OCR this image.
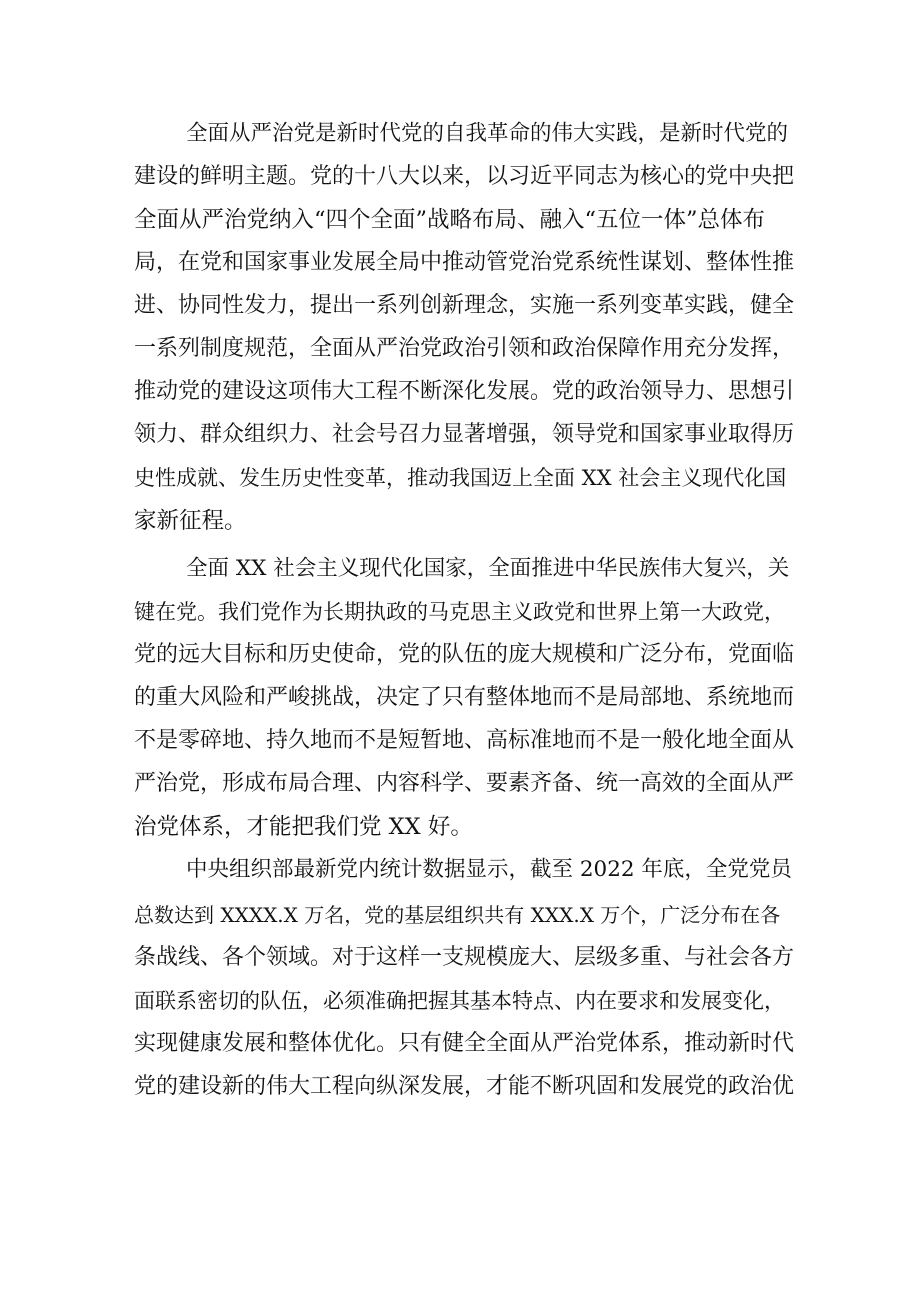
全面从严治党是新时代党的自我革命的伟大实践，是新时代党的
建设的鲜明主题。党的十八大以来，以习近平同志为核心的党中央把
全面从严治党纳入“四个全面”战略布局、融入“五位一体”总体布
局，在党和国家事业发展全局中推动管党治党系统性谋划、整体性推
进、协同性发力，提出一系列创新理念，实施一系列变革实践，健全
一系列制度规范，全面从严治党政治引领和政治保障作用充分发挥，
推动党的建设这项伟大工程不断深化发展。党的政治领导力、思想引
领力、群众组织力、社会号召力显著增强，领导党和国家事业取得历
史性成就、发生历史性变革，推动我国迈上全面 XX 社会主义现代化国
家新征程。
全面 XX 社会主义现代化国家，全面推进中华民族伟大复兴，关
键在党。我们党作为长期执政的马克思主义政党和世界上第一大政党，
党的远大目标和历史使命，党的队伍的庞大规模和广泛分布，党面临
的重大风险和严峻挑战，决定了只有整体地而不是局部地、系统地而
不是零碎地、持久地而不是短暂地、高标准地而不是一般化地全面从
严治党，形成布局合理、内容科学、要素齐备、统一高效的全面从严
治党体系，才能把我们党 XX 好。
中央组织部最新党内统计数据显示，截至 2022 年底，全党党员
总数达到 XXXX.X 万名，党的基层组织共有 XXX.X 万个，广泛分布在各
条战线、各个领域。对于这样一支规模庞大、层级多重、与社会各方
面联系密切的队伍，必须准确把握其基本特点、内在要求和发展变化，
实现健康发展和整体优化。只有健全全面从严治党体系，推动新时代
党的建设新的伟大工程向纵深发展，才能不断巩固和发展党的政治优
